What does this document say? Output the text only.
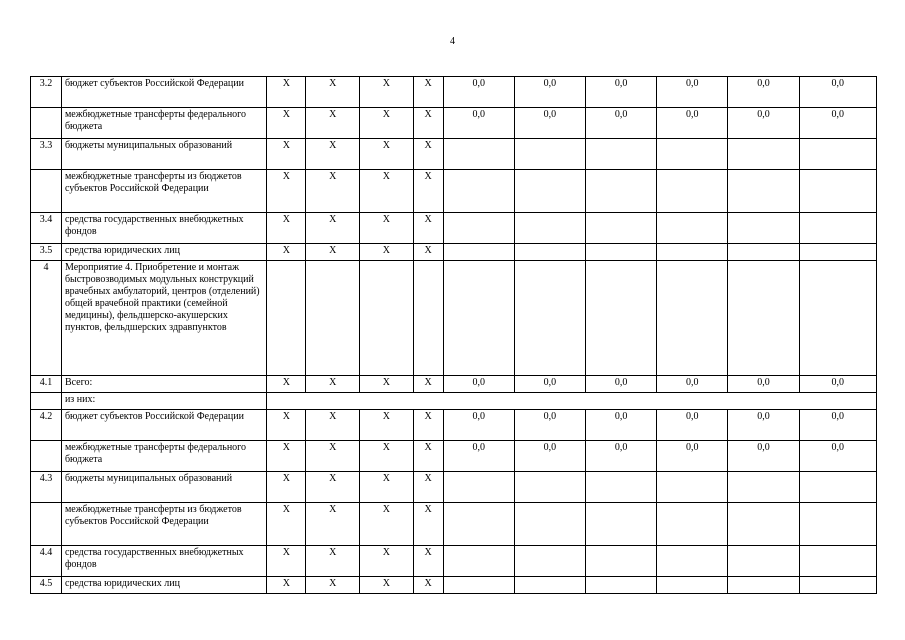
4
3.2	бюджет субъектов Российской Федерации	Х	Х	Х	Х	0,0	0,0	0,0	0,0	0,0	0,0
	межбюджетные трансферты федерального бюджета	Х	Х	Х	Х	0,0	0,0	0,0	0,0	0,0	0,0
3.3	бюджеты муниципальных образований	Х	Х	Х	Х						
	межбюджетные трансферты из бюджетов субъектов Российской Федерации	Х	Х	Х	Х						
3.4	средства государственных внебюджетных фондов	Х	Х	Х	Х						
3.5	средства юридических лиц	Х	Х	Х	Х						
4	Мероприятие 4. Приобретение и монтаж быстровозводимых модульных конструкций врачебных амбулаторий, центров (отделений) общей врачебной практики (семейной медицины), фельдшерско-акушерских пунктов, фельдшерских здравпунктов										
4.1	Всего:	Х	Х	Х	Х	0,0	0,0	0,0	0,0	0,0	0,0
	из них:										
4.2	бюджет субъектов Российской Федерации	Х	Х	Х	Х	0,0	0,0	0,0	0,0	0,0	0,0
	межбюджетные трансферты федерального бюджета	Х	Х	Х	Х	0,0	0,0	0,0	0,0	0,0	0,0
4.3	бюджеты муниципальных образований	Х	Х	Х	Х						
	межбюджетные трансферты из бюджетов субъектов Российской Федерации	Х	Х	Х	Х						
4.4	средства государственных внебюджетных фондов	Х	Х	Х	Х						
4.5	средства юридических лиц	Х	Х	Х	Х						
